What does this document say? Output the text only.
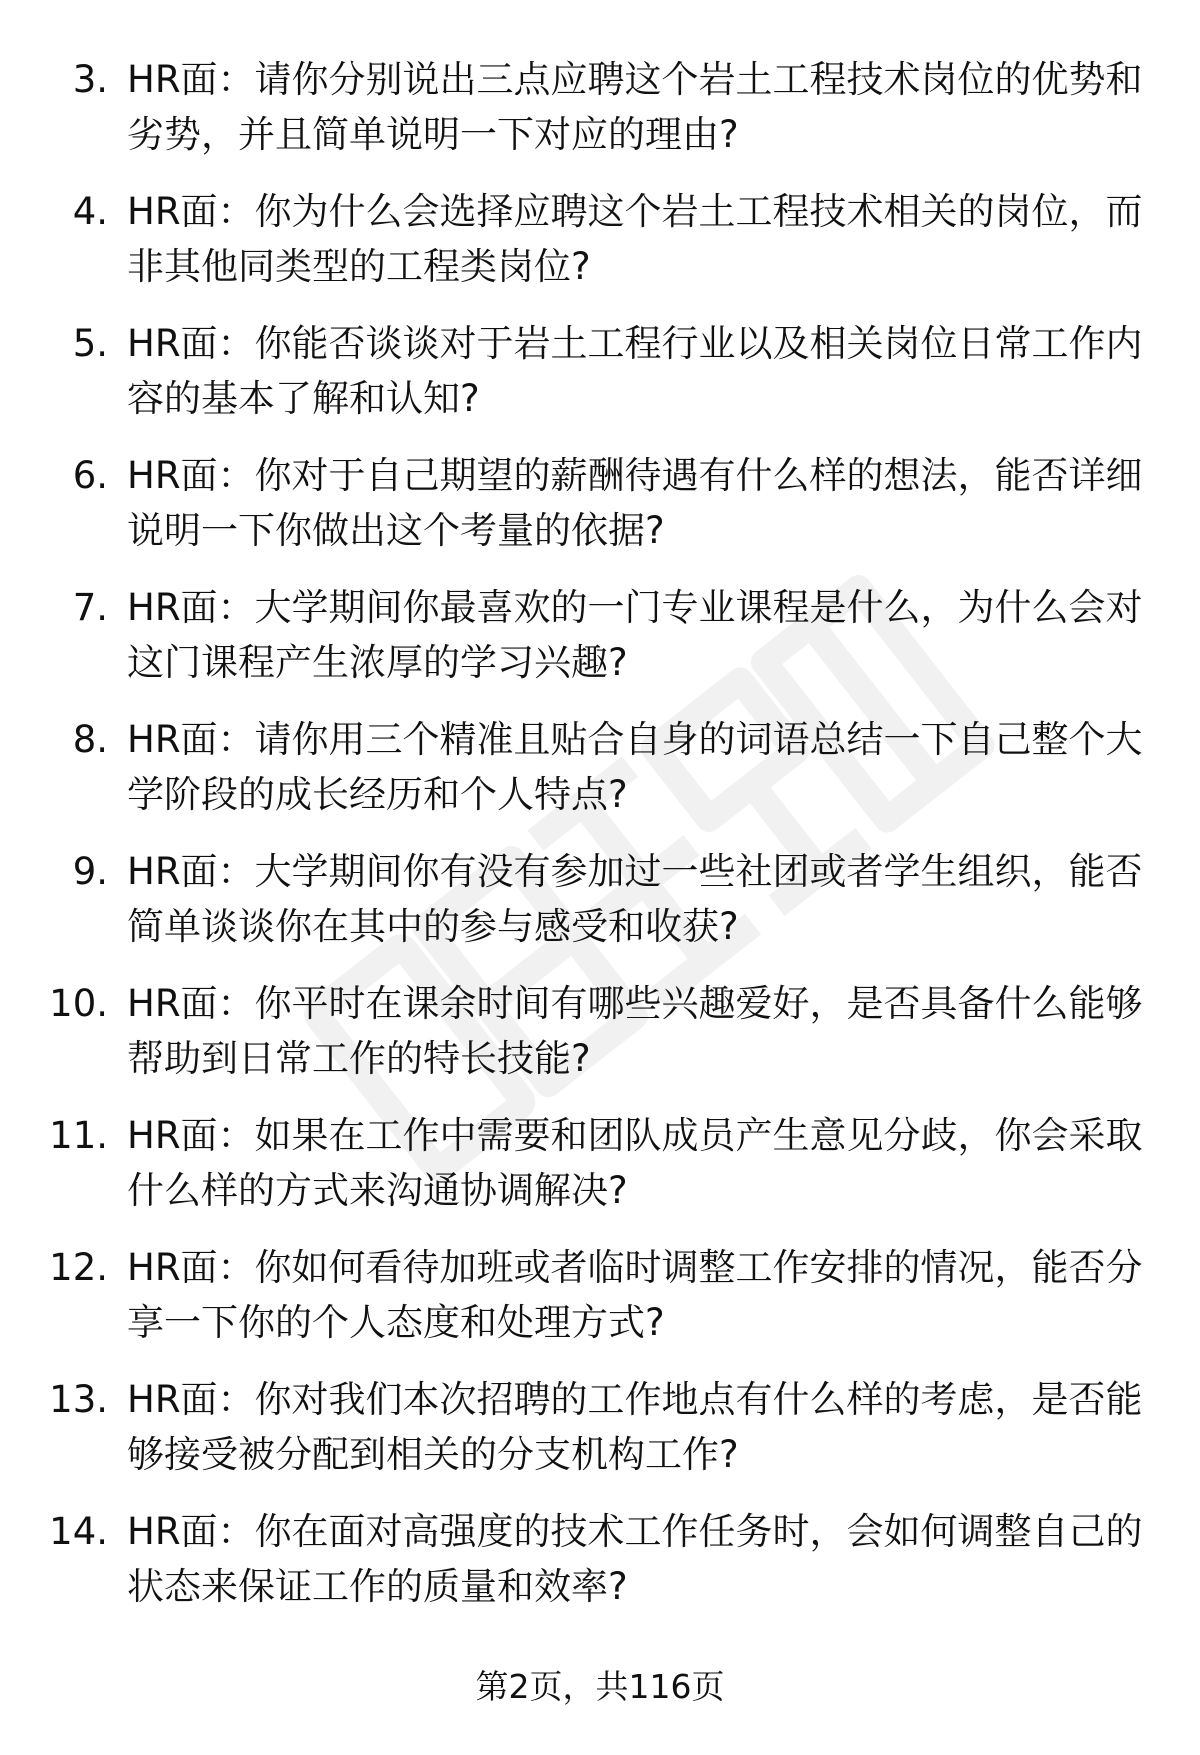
3. HR面：请你分别说出三点应聘这个岩土工程技术岗位的优势和劣势，并且简单说明一下对应的理由?

4. HR面：你为什么会选择应聘这个岩土工程技术相关的岗位，而非其他同类型的工程类岗位?

5. HR面：你能否谈谈对于岩土工程行业以及相关岗位日常工作内容的基本了解和认知?

6. HR面：你对于自己期望的薪酬待遇有什么样的想法，能否详细说明一下你做出这个考量的依据?

7. HR面：大学期间你最喜欢的一门专业课程是什么，为什么会对这门课程产生浓厚的学习兴趣?

8. HR面：请你用三个精准且贴合自身的词语总结一下自己整个大学阶段的成长经历和个人特点?

9. HR面：大学期间你有没有参加过一些社团或者学生组织，能否简单谈谈你在其中的参与感受和收获?

10. HR面：你平时在课余时间有哪些兴趣爱好，是否具备什么能够帮助到日常工作的特长技能?

11. HR面：如果在工作中需要和团队成员产生意见分歧，你会采取什么样的方式来沟通协调解决?

12. HR面：你如何看待加班或者临时调整工作安排的情况，能否分享一下你的个人态度和处理方式?

13. HR面：你对我们本次招聘的工作地点有什么样的考虑，是否能够接受被分配到相关的分支机构工作?

14. HR面：你在面对高强度的技术工作任务时，会如何调整自己的状态来保证工作的质量和效率?

第2页，共116页
